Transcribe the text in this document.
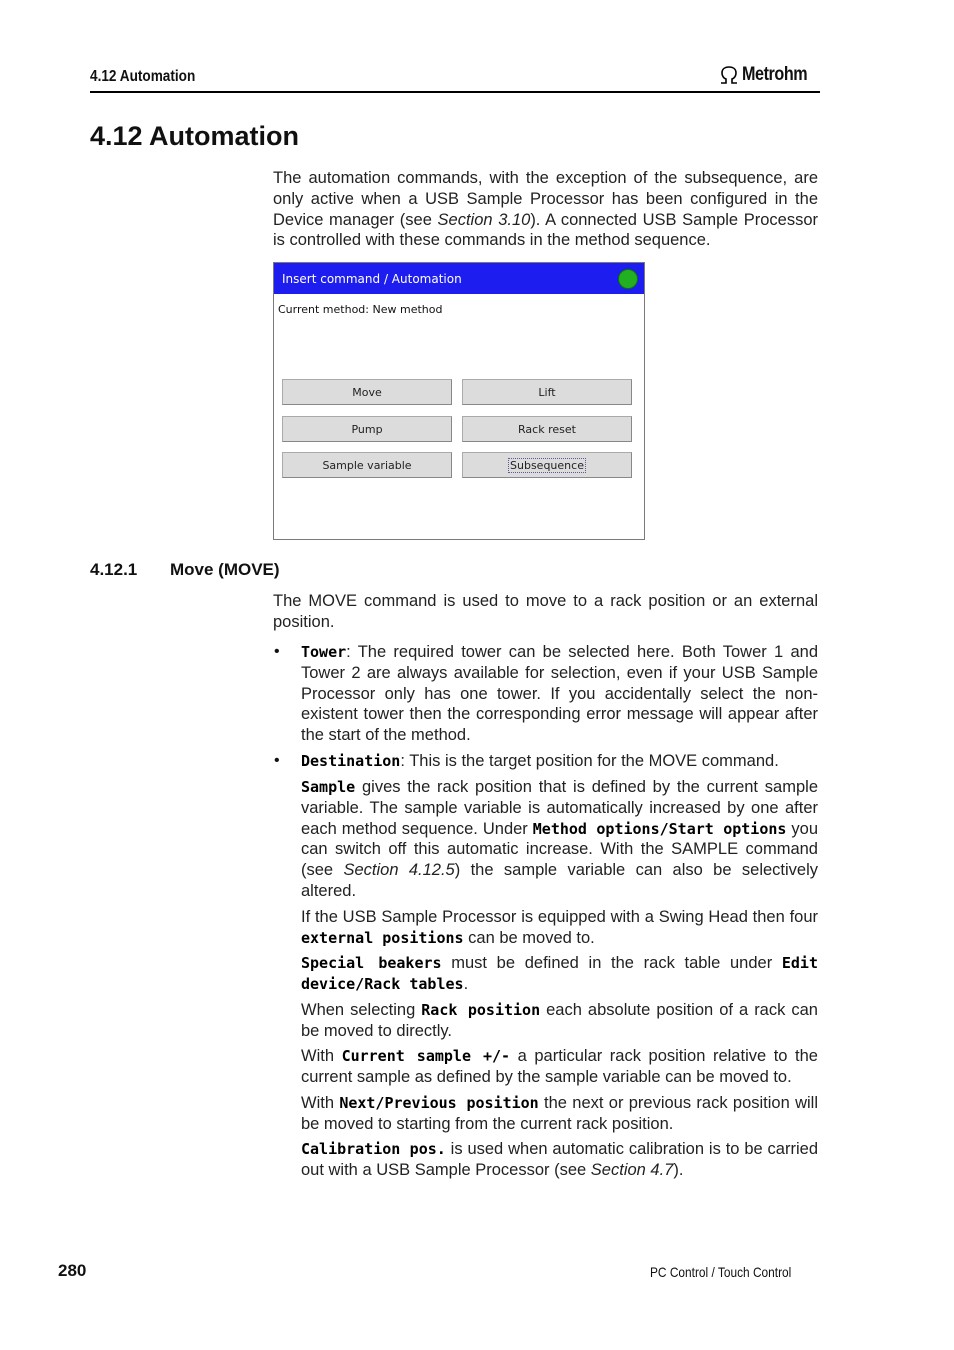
4.12 Automation	Metrohm
4.12 Automation

The automation commands, with the exception of the subsequence, are only active when a USB Sample Processor has been configured in the Device manager (see Section 3.10). A connected USB Sample Processor is controlled with these commands in the method sequence.

Insert command / Automation
Current method: New method
Move	Lift
Pump	Rack reset
Sample variable	Subsequence
4.12.1 Move (MOVE)

The MOVE command is used to move to a rack position or an external position.

• Tower: The required tower can be selected here. Both Tower 1 and Tower 2 are always available for selection, even if your USB Sample Processor only has one tower. If you accidentally select the non-existent tower then the corresponding error message will appear after the start of the method.

• Destination: This is the target position for the MOVE command.

Sample gives the rack position that is defined by the current sample variable. The sample variable is automatically increased by one after each method sequence. Under Method options/Start options you can switch off this automatic increase. With the SAMPLE command (see Section 4.12.5) the sample variable can also be selectively altered.

If the USB Sample Processor is equipped with a Swing Head then four external positions can be moved to.

Special beakers must be defined in the rack table under Edit device/Rack tables.

When selecting Rack position each absolute position of a rack can be moved to directly.

With Current sample +/- a particular rack position relative to the current sample as defined by the sample variable can be moved to.

With Next/Previous position the next or previous rack position will be moved to starting from the current rack position.

Calibration pos. is used when automatic calibration is to be carried out with a USB Sample Processor (see Section 4.7).

280	PC Control / Touch Control
